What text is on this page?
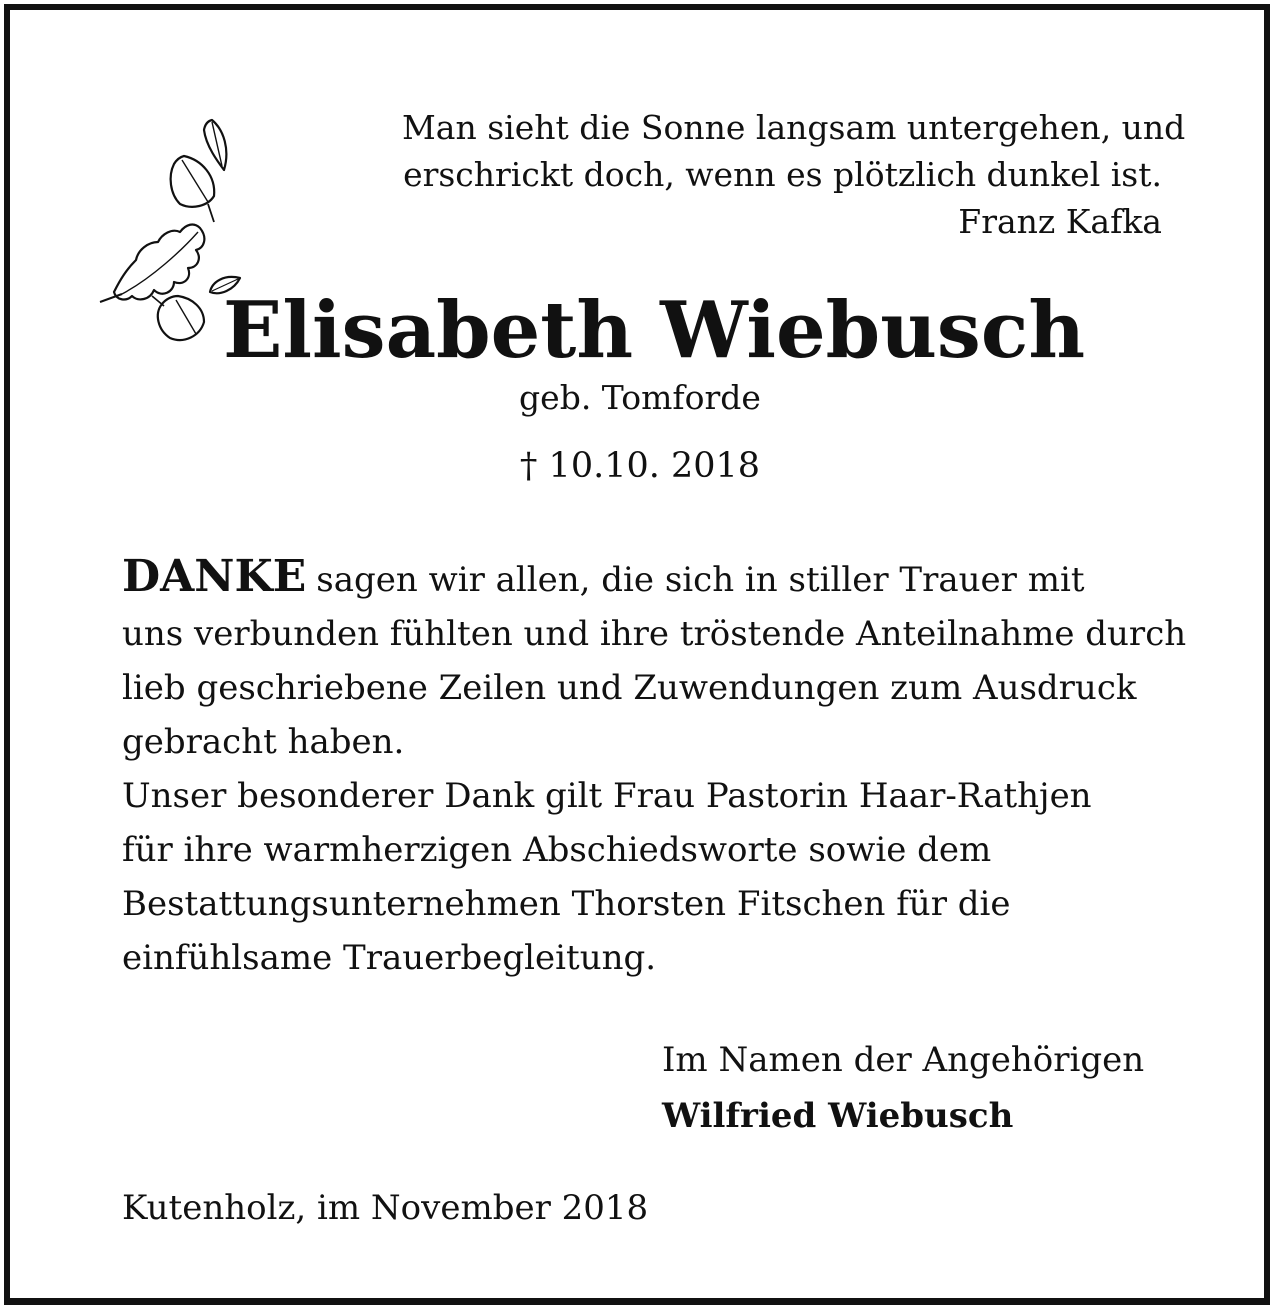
Man sieht die Sonne langsam untergehen, und
erschrickt doch, wenn es plötzlich dunkel ist.
Franz Kafka
Elisabeth Wiebusch
geb. Tomforde
† 10.10. 2018
DANKE sagen wir allen, die sich in stiller Trauer mit
uns verbunden fühlten und ihre tröstende Anteilnahme durch
lieb geschriebene Zeilen und Zuwendungen zum Ausdruck
gebracht haben.
Unser besonderer Dank gilt Frau Pastorin Haar-Rathjen
für ihre warmherzigen Abschiedsworte sowie dem
Bestattungsunternehmen Thorsten Fitschen für die
einfühlsame Trauerbegleitung.
Im Namen der Angehörigen
Wilfried Wiebusch
Kutenholz, im November 2018
